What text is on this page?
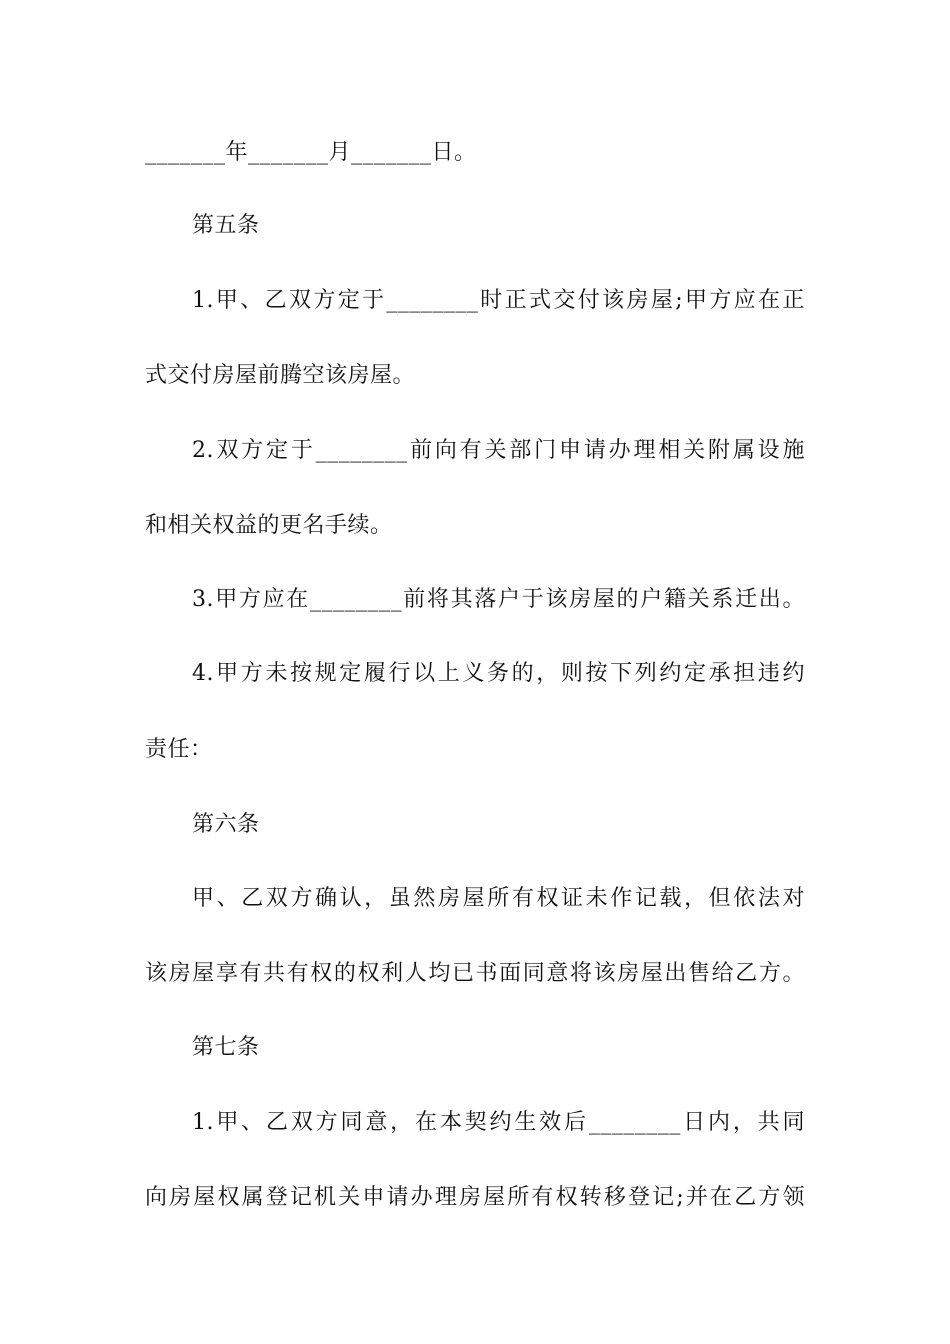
_______年_______月_______日。
第五条
1.甲、乙双方定于________时正式交付该房屋;甲方应在正
式交付房屋前腾空该房屋。
2.双方定于________前向有关部门申请办理相关附属设施
和相关权益的更名手续。
3.甲方应在________前将其落户于该房屋的户籍关系迁出。
4.甲方未按规定履行以上义务的，则按下列约定承担违约
责任：
第六条
甲、乙双方确认，虽然房屋所有权证未作记载，但依法对
该房屋享有共有权的权利人均已书面同意将该房屋出售给乙方。
第七条
1.甲、乙双方同意，在本契约生效后________日内，共同
向房屋权属登记机关申请办理房屋所有权转移登记;并在乙方领
